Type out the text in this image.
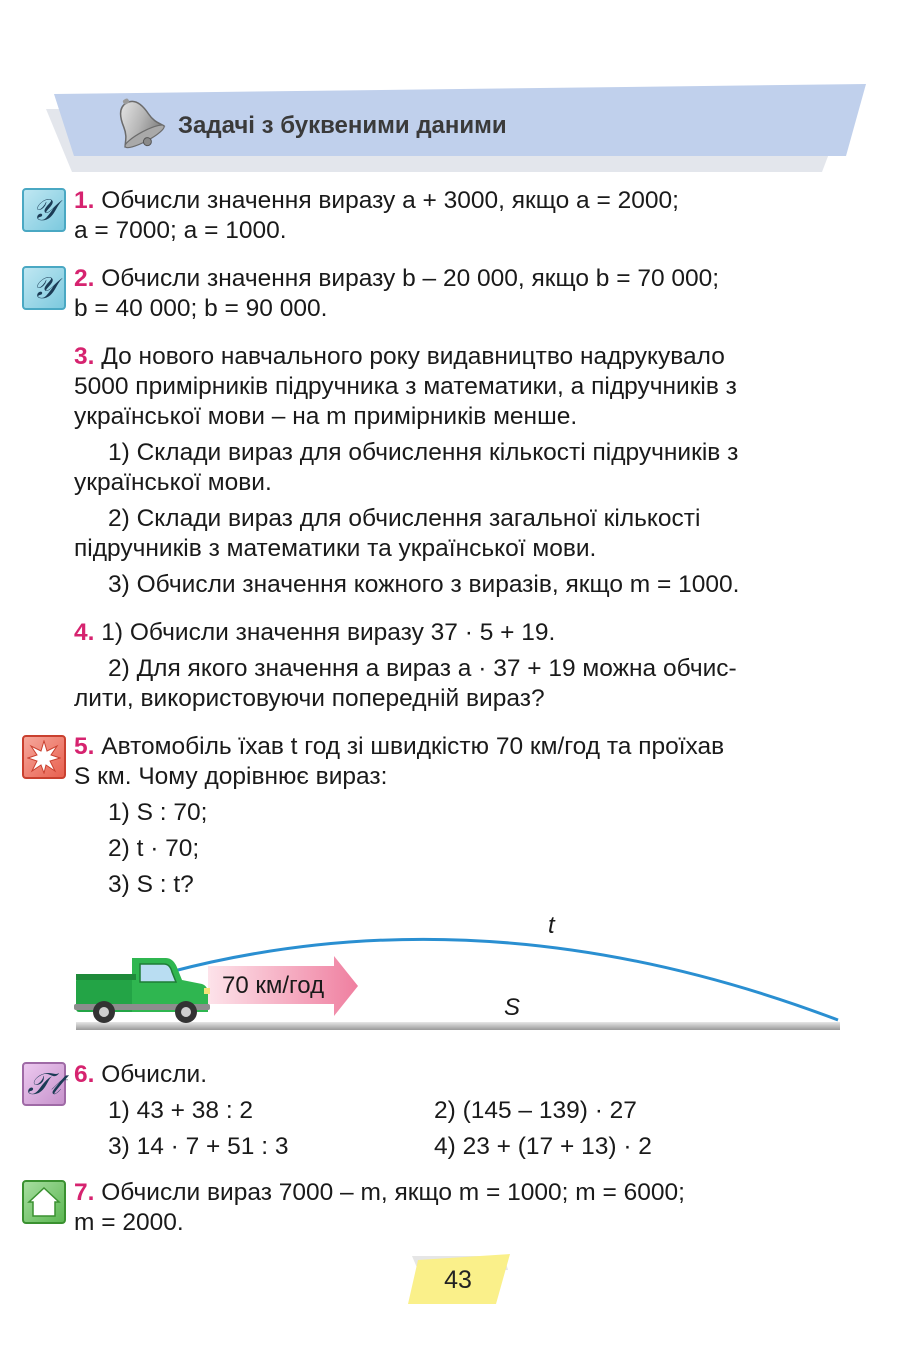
Задачі з буквеними даними
𝒴 1. Обчисли значення виразу a + 3000, якщо a = 2000;

a = 7000; a = 1000.

𝒴 2. Обчисли значення виразу b – 20 000, якщо b = 70 000;

b = 40 000; b = 90 000.

3. До нового навчального року видавництво надрукувало

5000 примірників підручника з математики, а підручників з

української мови – на m примірників менше.

1) Склади вираз для обчислення кількості підручників з

української мови.

2) Склади вираз для обчислення загальної кількості

підручників з математики та української мови.

3) Обчисли значення кожного з виразів, якщо m = 1000.

4. 1) Обчисли значення виразу 37 · 5 + 19.

2) Для якого значення a вираз a · 37 + 19 можна обчис-

лити, використовуючи попередній вираз?

5. Автомобіль їхав t год зі швидкістю 70 км/год та проїхав

S км. Чому дорівнює вираз:

1) S : 70;

2) t · 70;

3) S : t?

70 км/год
t
S
𝒯𝓉 6. Обчисли.

1) 43 + 38 : 2	2) (145 – 139) · 27
3) 14 · 7 + 51 : 3	4) 23 + (17 + 13) · 2

7. Обчисли вираз 7000 – m, якщо m = 1000; m = 6000;

m = 2000.

43
